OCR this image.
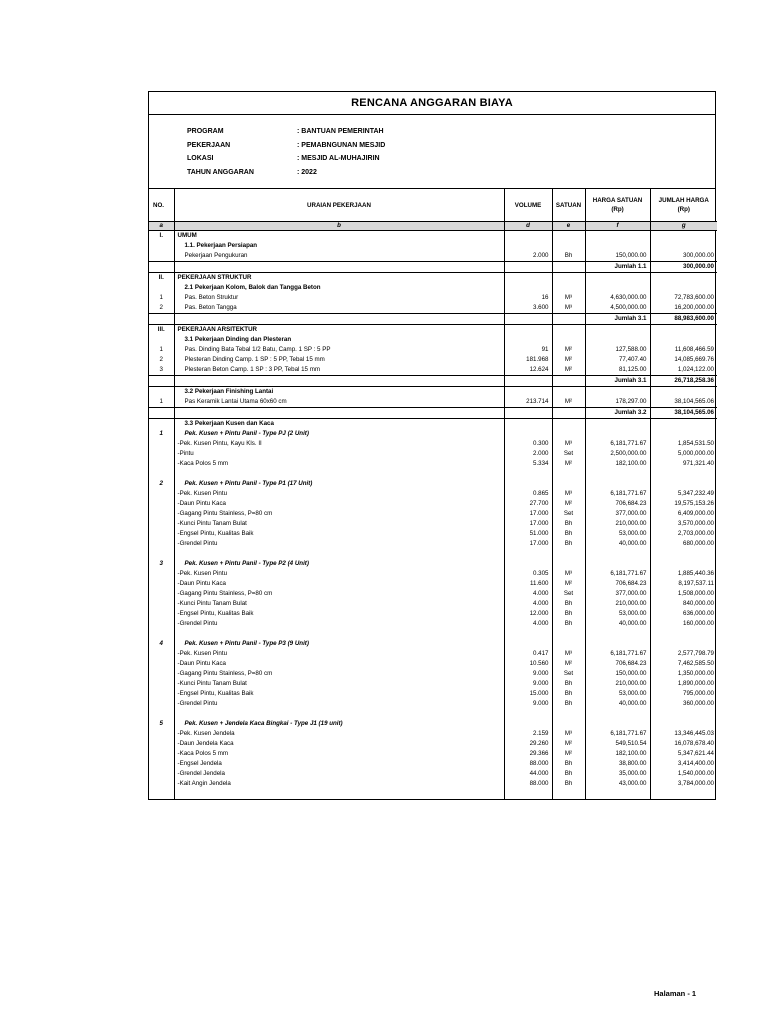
RENCANA ANGGARAN BIAYA
PROGRAM	: BANTUAN PEMERINTAH
PEKERJAAN	: PEMABNGUNAN MESJID
LOKASI	: MESJID AL-MUHAJIRIN
TAHUN ANGGARAN	: 2022
NO.	URAIAN PEKERJAAN	VOLUME	SATUAN	HARGA SATUAN (Rp)	JUMLAH HARGA (Rp)
a	b	d	e	f	g
I.	UMUM				
	1.1. Pekerjaan Persiapan				
	Pekerjaan Pengukuran	2.000	Bh	150,000.00	300,000.00
				Jumlah 1.1	300,000.00
II.	PEKERJAAN STRUKTUR				
	2.1 Pekerjaan Kolom, Balok dan Tangga Beton				
1	Pas. Beton Struktur	16	M³	4,630,000.00	72,783,600.00
2	Pas. Beton Tangga	3.600	M³	4,500,000.00	16,200,000.00
				Jumlah 3.1	88,983,600.00
III.	PEKERJAAN ARSITEKTUR				
	3.1 Pekerjaan Dinding dan Plesteran				
1	Pas. Dinding Bata Tebal 1/2 Batu, Camp. 1 SP : 5 PP	91	M²	127,588.00	11,608,466.59
2	Plesteran Dinding Camp. 1 SP : 5 PP, Tebal 15 mm	181.968	M²	77,407.40	14,085,669.76
3	Plesteran Beton Camp. 1 SP : 3 PP, Tebal 15 mm	12.624	M²	81,125.00	1,024,122.00
				Jumlah 3.1	26,718,258.36
	3.2 Pekerjaan Finishing Lantai				
1	Pas Keramik Lantai Utama 60x60 cm	213.714	M²	178,297.00	38,104,565.06
				Jumlah 3.2	38,104,565.06
	3.3 Pekerjaan Kusen dan Kaca				
1	Pek. Kusen + Pintu Panil - Type PJ (2 Unit)				
	-Pek. Kusen Pintu, Kayu Kls. II	0.300	M³	6,181,771.67	1,854,531.50
	-Pintu	2.000	Set	2,500,000.00	5,000,000.00
	-Kaca Polos 5 mm	5.334	M²	182,100.00	971,321.40

2	Pek. Kusen + Pintu Panil - Type P1 (17 Unit)				
	-Pek. Kusen Pintu	0.865	M³	6,181,771.67	5,347,232.49
	-Daun Pintu Kaca	27.700	M²	706,684.23	19,575,153.26
	-Gagang Pintu Stainless, P=80 cm	17.000	Set	377,000.00	6,409,000.00
	-Kunci Pintu Tanam Bulat	17.000	Bh	210,000.00	3,570,000.00
	-Engsel Pintu, Kualitas Baik	51.000	Bh	53,000.00	2,703,000.00
	-Grendel Pintu	17.000	Bh	40,000.00	680,000.00

3	Pek. Kusen + Pintu Panil - Type P2 (4 Unit)				
	-Pek. Kusen Pintu	0.305	M³	6,181,771.67	1,885,440.36
	-Daun Pintu Kaca	11.600	M²	706,684.23	8,197,537.11
	-Gagang Pintu Stainless, P=80 cm	4.000	Set	377,000.00	1,508,000.00
	-Kunci Pintu Tanam Bulat	4.000	Bh	210,000.00	840,000.00
	-Engsel Pintu, Kualitas Baik	12.000	Bh	53,000.00	636,000.00
	-Grendel Pintu	4.000	Bh	40,000.00	160,000.00

4	Pek. Kusen + Pintu Panil - Type P3 (9 Unit)				
	-Pek. Kusen Pintu	0.417	M³	6,181,771.67	2,577,798.79
	-Daun Pintu Kaca	10.560	M²	706,684.23	7,462,585.50
	-Gagang Pintu Stainless, P=80 cm	9.000	Set	150,000.00	1,350,000.00
	-Kunci Pintu Tanam Bulat	9.000	Bh	210,000.00	1,890,000.00
	-Engsel Pintu, Kualitas Baik	15.000	Bh	53,000.00	795,000.00
	-Grendel Pintu	9.000	Bh	40,000.00	360,000.00

5	Pek. Kusen + Jendela Kaca Bingkai - Type J1 (19 unit)				
	-Pek. Kusen Jendela	2.159	M³	6,181,771.67	13,346,445.03
	-Daun Jendela Kaca	29.260	M²	549,510.54	16,078,678.40
	-Kaca Polos 5 mm	29.366	M²	182,100.00	5,347,621.44
	-Engsel Jendela	88.000	Bh	38,800.00	3,414,400.00
	-Grendel Jendela	44.000	Bh	35,000.00	1,540,000.00
	-Kait Angin Jendela	88.000	Bh	43,000.00	3,784,000.00

Halaman - 1
